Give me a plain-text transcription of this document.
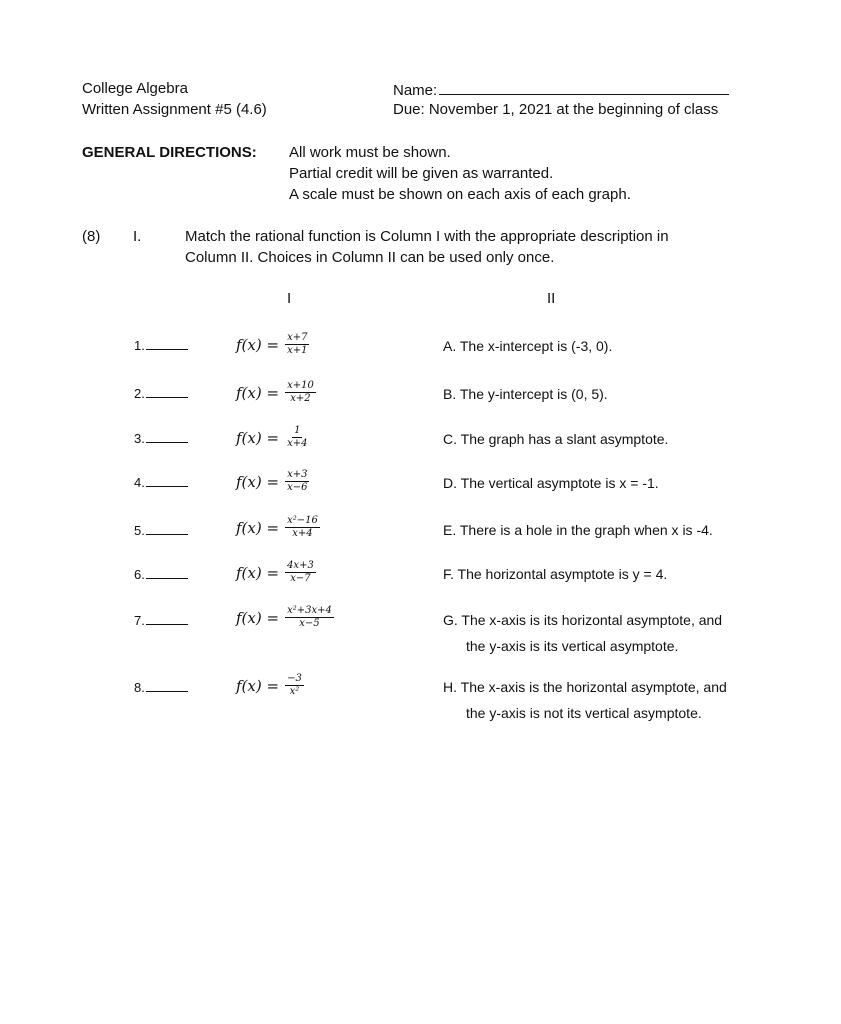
College Algebra
Written Assignment #5 (4.6)
Name:
Due: November 1, 2021 at the beginning of class
GENERAL DIRECTIONS: All work must be shown.
Partial credit will be given as warranted.
A scale must be shown on each axis of each graph.
(8) I.	Match the rational function is Column I with the appropriate description in
Column II. Choices in Column II can be used only once.
I	II
1.	$f(x) = \frac{x+7}{x+1}$	A. The x-intercept is (-3, 0).
2.	$f(x) = \frac{x+10}{x+2}$	B. The y-intercept is (0, 5).
3.	$f(x) = \frac{1}{x+4}$	C. The graph has a slant asymptote.
4.	$f(x) = \frac{x+3}{x-6}$	D. The vertical asymptote is x = -1.
5.	$f(x) = \frac{\text{x²−16}}{x+4}$	E. There is a hole in the graph when x is -4.
6.	$f(x) = \frac{4x+3}{x-7}$	F. The horizontal asymptote is y = 4.
7.	$f(x) = \frac{\text{x²+3x+4}}{x-5}$	G. The x-axis is its horizontal asymptote, and
the y-axis is its vertical asymptote.
8.	$f(x) = \frac{-3}{\text{x²}}$	H. The x-axis is the horizontal asymptote, and
the y-axis is not its vertical asymptote.
